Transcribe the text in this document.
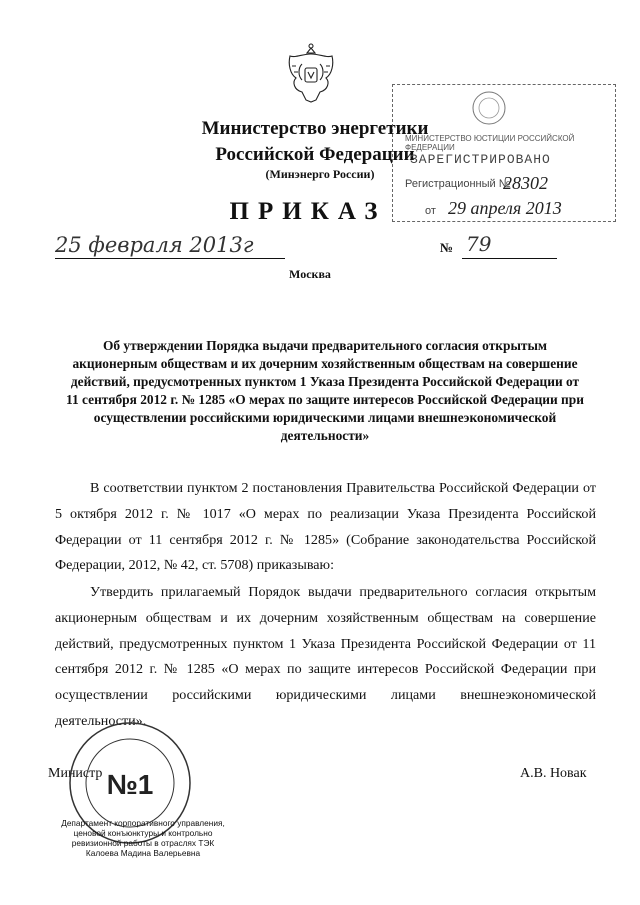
Министерство энергетики
Российской Федерации
(Минэнерго России)
ПРИКАЗ
25 февраля 2013г	№ 79
Москва
МИНИСТЕРСТВО ЮСТИЦИИ РОССИЙСКОЙ ФЕДЕРАЦИИ
ЗАРЕГИСТРИРОВАНО
Регистрационный №
28302
от 29 апреля 2013
Об утверждении Порядка выдачи предварительного согласия открытым акционерным обществам и их дочерним хозяйственным обществам на совершение действий, предусмотренных пунктом 1 Указа Президента Российской Федерации от 11 сентября 2012 г. № 1285 «О мерах по защите интересов Российской Федерации при осуществлении российскими юридическими лицами внешнеэкономической деятельности»
В соответствии пунктом 2 постановления Правительства Российской Федерации от 5 октября 2012 г. № 1017 «О мерах по реализации Указа Президента Российской Федерации от 11 сентября 2012 г. № 1285» (Собрание законодательства Российской Федерации, 2012, № 42, ст. 5708) приказываю:
Утвердить прилагаемый Порядок выдачи предварительного согласия открытым акционерным обществам и их дочерним хозяйственным обществам на совершение действий, предусмотренных пунктом 1 Указа Президента Российской Федерации от 11 сентября 2012 г. № 1285 «О мерах по защите интересов Российской Федерации при осуществлении российскими юридическими лицами внешнеэкономической деятельности».
Министр	А.В. Новак
№1
Департамент корпоративного управления,
ценовой конъюнктуры и контрольно
ревизионной работы в отраслях ТЭК
Калоева Мадина Валерьевна
